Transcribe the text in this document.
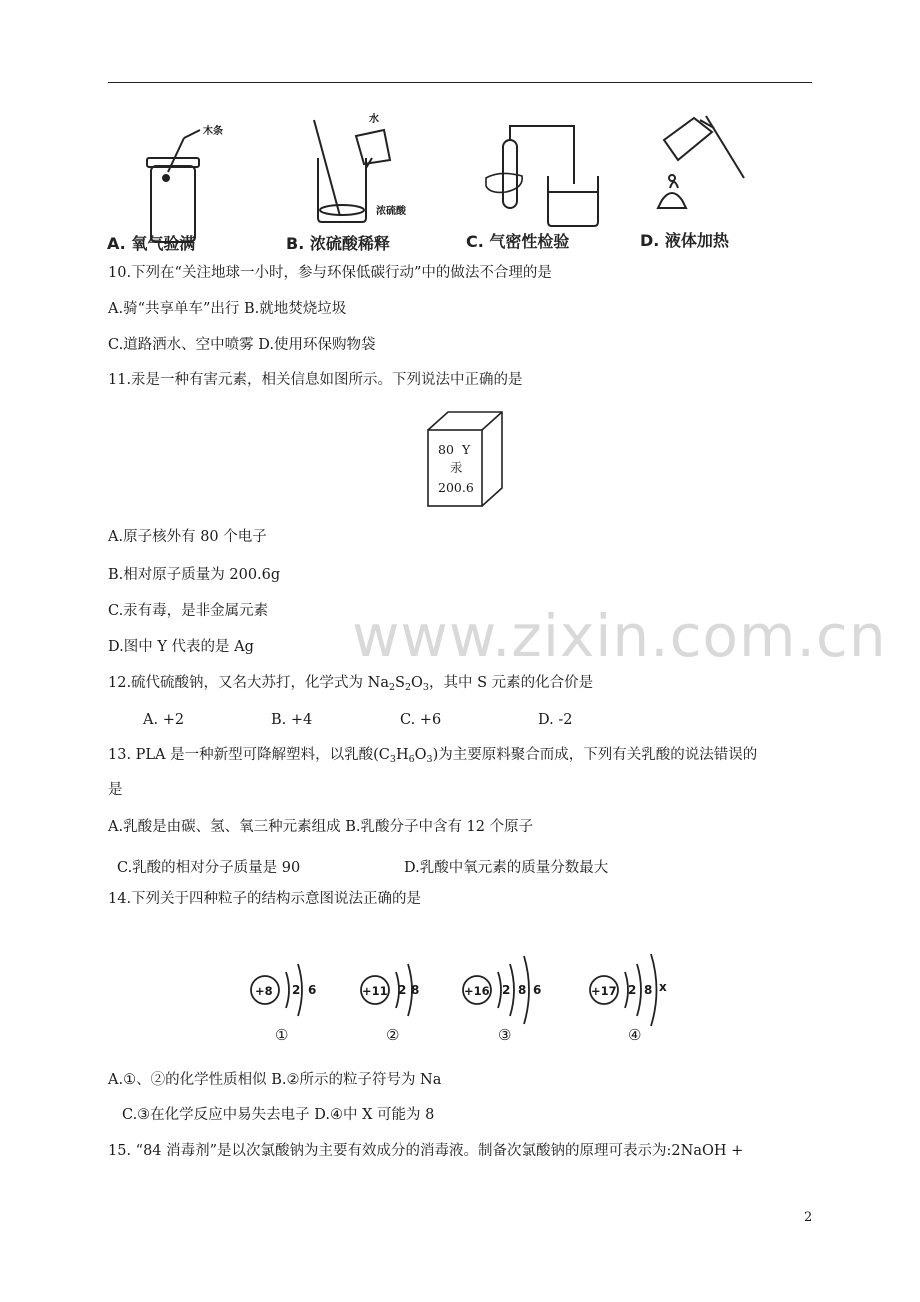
木条
水
浓硫酸
A. 氧气验满	B. 浓硫酸稀释	C. 气密性检验	D. 液体加热
10.下列在“关注地球一小时，参与环保低碳行动”中的做法不合理的是
A.骑“共享单车”出行 B.就地焚烧垃圾
C.道路洒水、空中喷雾 D.使用环保购物袋
11.汞是一种有害元素，相关信息如图所示。下列说法中正确的是
80 Y
汞
200.6
A.原子核外有 80 个电子
B.相对原子质量为 200.6g
C.汞有毒，是非金属元素
D.图中 Y 代表的是 Ag www.zixin.com.cn
12.硫代硫酸钠，又名大苏打，化学式为 $Na_2S_2O_3$，其中 S 元素的化合价是
A. +2	B. +4	C. +6	D. -2
13. PLA 是一种新型可降解塑料，以乳酸$(C_3H_6O_3)$为主要原料聚合而成，下列有关乳酸的说法错误的
是
A.乳酸是由碳、氢、氧三种元素组成 B.乳酸分子中含有 12 个原子
C.乳酸的相对分子质量是 90	D.乳酸中氧元素的质量分数最大
14.下列关于四种粒子的结构示意图说法正确的是
+8 2 6
①
+11 2 8
②
+16 2 8 6
③
+17 2 8 x
④
A.①、②的化学性质相似 B.②所示的粒子符号为 Na
C.③在化学反应中易失去电子 D.④中 X 可能为 8
15. “84 消毒剂”是以次氯酸钠为主要有效成分的消毒液。制备次氯酸钠的原理可表示为:2NaOH +
2
